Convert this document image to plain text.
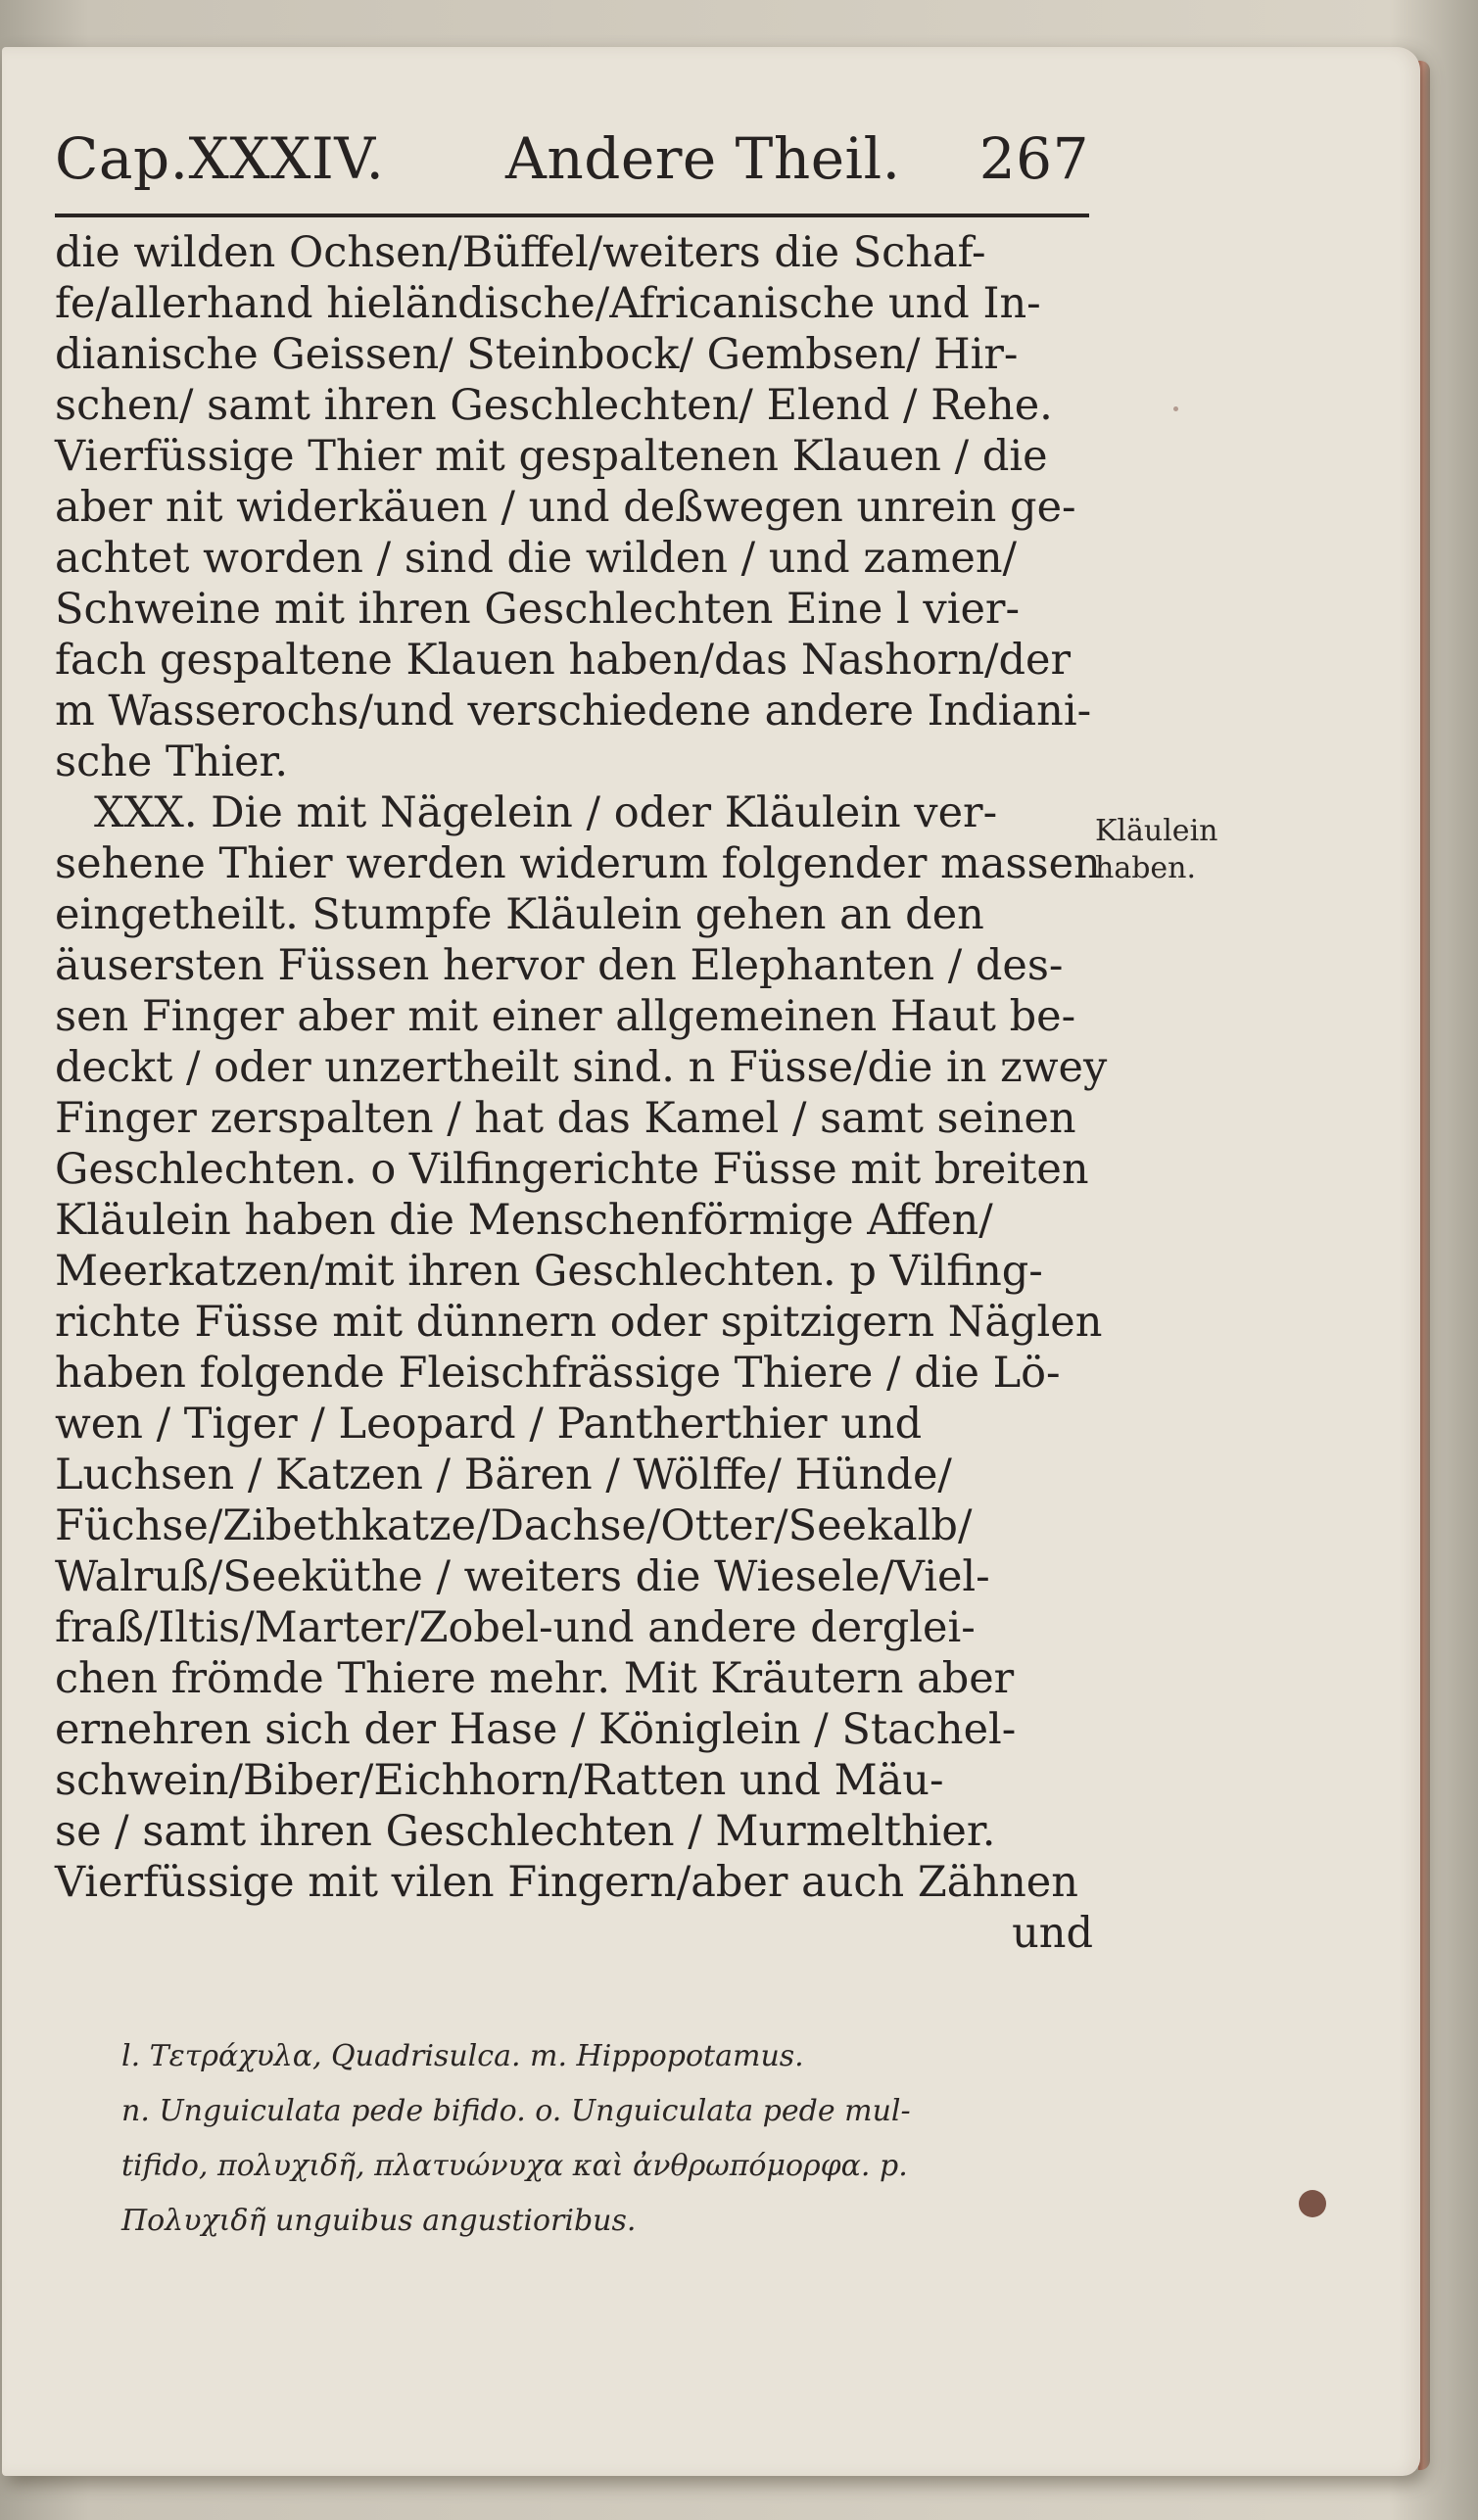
Cap.XXXIV. Andere Theil. 267
die wilden Ochsen/Büffel/weiters die Schaf-
fe/allerhand hieländische/Africanische und In-
dianische Geissen/ Steinbock/ Gembsen/ Hir-
schen/ samt ihren Geschlechten/ Elend / Rehe.
Vierfüssige Thier mit gespaltenen Klauen / die
aber nit widerkäuen / und deßwegen unrein ge-
achtet worden / sind die wilden / und zamen/
Schweine mit ihren Geschlechten Eine l vier-
fach gespaltene Klauen haben/das Nashorn/der
m Wasserochs/und verschiedene andere Indiani-
sche Thier.
XXX. Die mit Nägelein / oder Kläulein ver-
sehene Thier werden widerum folgender massen
eingetheilt. Stumpfe Kläulein gehen an den
äusersten Füssen hervor den Elephanten / des-
sen Finger aber mit einer allgemeinen Haut be-
deckt / oder unzertheilt sind. n Füsse/die in zwey
Finger zerspalten / hat das Kamel / samt seinen
Geschlechten. o Vilfingerichte Füsse mit breiten
Kläulein haben die Menschenförmige Affen/
Meerkatzen/mit ihren Geschlechten. p Vilfing-
richte Füsse mit dünnern oder spitzigern Näglen
haben folgende Fleischfrässige Thiere / die Lö-
wen / Tiger / Leopard / Pantherthier und
Luchsen / Katzen / Bären / Wölffe/ Hünde/
Füchse/Zibethkatze/Dachse/Otter/Seekalb/
Walruß/Seeküthe / weiters die Wiesele/Viel-
fraß/Iltis/Marter/Zobel-und andere derglei-
chen frömde Thiere mehr. Mit Kräutern aber
ernehren sich der Hase / Königlein / Stachel-
schwein/Biber/Eichhorn/Ratten und Mäu-
se / samt ihren Geschlechten / Murmelthier.
Vierfüssige mit vilen Fingern/aber auch Zähnen
und
Kläulein
haben.
l. Τετράχυλα, Quadrisulca. m. Hippopotamus.
n. Unguiculata pede bifido. o. Unguiculata pede mul-
tifido, πολυχιδῆ, πλατυώνυχα καὶ ἀνθρωπόμορφα. p.
Πολυχιδῆ unguibus angustioribus.
